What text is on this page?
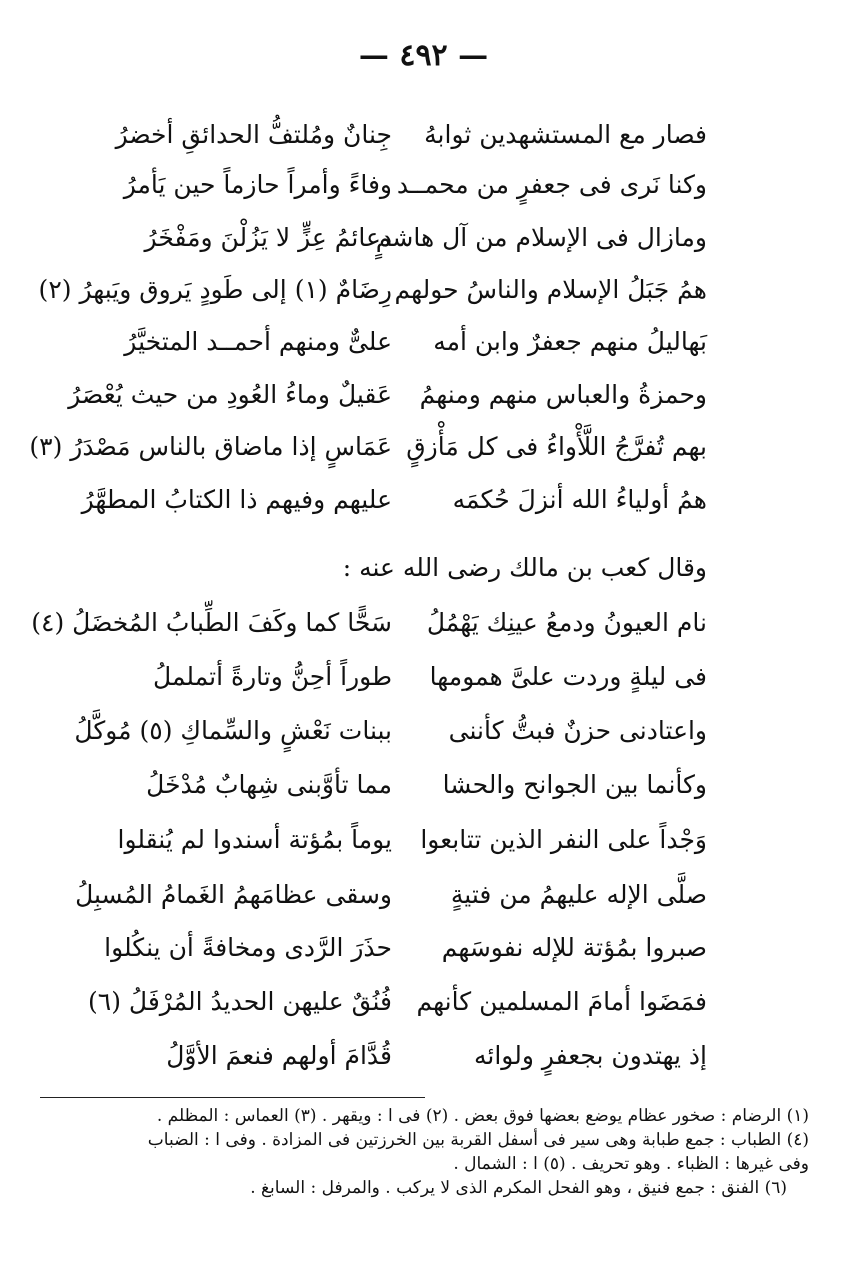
— ٤٩٢ —
فصار مع المستشهدين ثوابهُ
جِنانٌ ومُلتفُّ الحدائقِ أخضرُ
وكنا نَرى فى جعفرٍ من محمــد
وفاءً وأمراً حازماً حين يَأمرُ
ومازال فى الإسلام من آل هاشمٍ
دعائمُ عِزٍّ لا يَزُلْنَ ومَفْخَرُ
همُ جَبَلُ الإسلام والناسُ حولهم
رِضَامٌ (١) إلى طَودٍ يَروق ويَبهرُ (٢)
بَهاليلُ منهم جعفرٌ وابن أمه
علىٌّ ومنهم أحمــد المتخيَّرُ
وحمزةُ والعباس منهم ومنهمُ
عَقيلٌ وماءُ العُودِ من حيث يُعْصَرُ
بهم تُفرَّجُ اللَّأْواءُ فى كل مَأْزقٍ
عَمَاسٍ إذا ماضاق بالناس مَصْدَرُ (٣)
همُ أولياءُ الله أنزلَ حُكمَه
عليهم وفيهم ذا الكتابُ المطهَّرُ
وقال كعب بن مالك رضى الله عنه :
نام العيونُ ودمعُ عينِك يَهْمُلُ
سَحًّا كما وكَفَ الطِّبابُ المُخضَلُ (٤)
فى ليلةٍ وردت علىَّ همومها
طوراً أحِنُّ وتارةً أتململُ
واعتادنى حزنٌ فبتُّ كأننى
ببنات نَعْشٍ والسِّماكِ (٥) مُوكَّلُ
وكأنما بين الجوانح والحشا
مما تأوَّبنى شِهابٌ مُدْخَلُ
وَجْداً على النفر الذين تتابعوا
يوماً بمُؤتة أسندوا لم يُنقلوا
صلَّى الإله عليهمُ من فتيةٍ
وسقى عظامَهمُ الغَمامُ المُسبِلُ
صبروا بمُؤتة للإله نفوسَهم
حذَرَ الرَّدى ومخافةً أن ينكُلوا
فمَضَوا أمامَ المسلمين كأنهم
فُنُقٌ عليهن الحديدُ المُرْفَلُ (٦)
إذ يهتدون بجعفرٍ ولوائه
قُدَّامَ أولهم فنعمَ الأوَّلُ
(١) الرضام : صخور عظام يوضع بعضها فوق بعض . (٢) فى ا : ويقهر . (٣) العماس : المظلم .
(٤) الطباب : جمع طبابة وهى سير فى أسفل القربة بين الخرزتين فى المزادة . وفى ا : الضباب
وفى غيرها : الظباء . وهو تحريف . (٥) ا : الشمال .
(٦) الفنق : جمع فنيق ، وهو الفحل المكرم الذى لا يركب . والمرفل : السابغ .
